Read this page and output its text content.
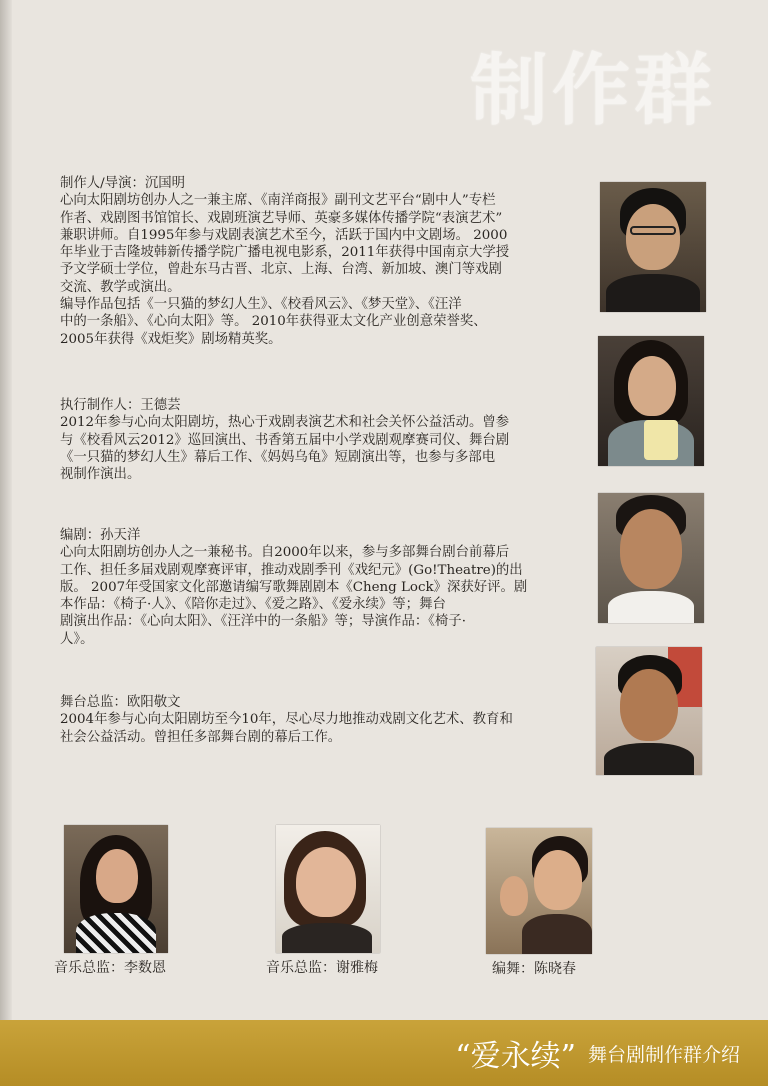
制作群
制作人/导演：沉国明
心向太阳剧坊创办人之一兼主席、《南洋商报》副刊文艺平台“剧中人”专栏
作者、戏剧图书馆馆长、戏剧班演艺导师、英豪多媒体传播学院“表演艺术”
兼职讲师。自1995年参与戏剧表演艺术至今，活跃于国内中文剧场。 2000
年毕业于吉隆坡韩新传播学院广播电视电影系，2011年获得中国南京大学授
予文学硕士学位，曾赴东马古晋、北京、上海、台湾、新加坡、澳门等戏剧
交流、教学或演出。
编导作品包括《一只猫的梦幻人生》、《校看风云》、《梦天堂》、《汪洋
中的一条船》、《心向太阳》等。 2010年获得亚太文化产业创意荣誉奖、
2005年获得《戏炬奖》剧场精英奖。
执行制作人：王德芸
2012年参与心向太阳剧坊，热心于戏剧表演艺术和社会关怀公益活动。曾参
与《校看风云2012》巡回演出、书香第五届中小学戏剧观摩赛司仪、舞台剧
《一只猫的梦幻人生》幕后工作、《妈妈乌龟》短剧演出等，也参与多部电
视制作演出。
编剧：孙天洋
心向太阳剧坊创办人之一兼秘书。自2000年以来，参与多部舞台剧台前幕后
工作、担任多届戏剧观摩赛评审，推动戏剧季刊《戏纪元》(Go!Theatre)的出
版。 2007年受国家文化部邀请编写歌舞剧剧本《Cheng Lock》深获好评。剧
本作品：《椅子·人》、《陪你走过》、《爱之路》、《爱永续》等；舞台
剧演出作品：《心向太阳》、《汪洋中的一条船》等；导演作品：《椅子·
人》。
舞台总监：欧阳敬文
2004年参与心向太阳剧坊至今10年，尽心尽力地推动戏剧文化艺术、教育和
社会公益活动。曾担任多部舞台剧的幕后工作。
音乐总监：李数恩	音乐总监：谢雅梅	编舞：陈晓春
“爱永续” 舞台剧制作群介绍
